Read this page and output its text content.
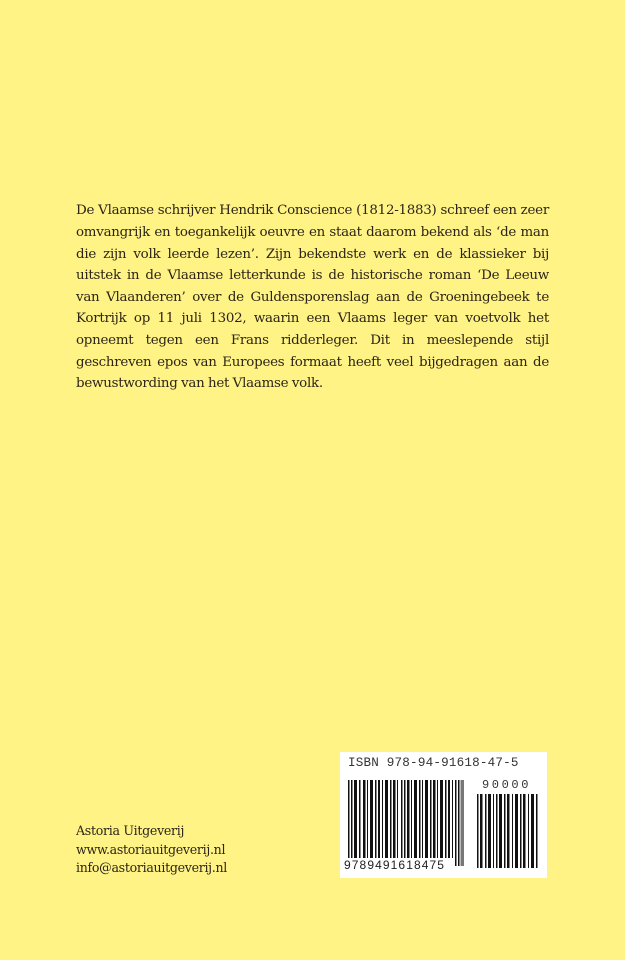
De Vlaamse schrijver Hendrik Conscience (1812-1883) schreef een zeer omvangrijk en toegankelijk oeuvre en staat daarom bekend als ‘de man die zijn volk leerde lezen’. Zijn bekendste werk en de klassieker bij uitstek in de Vlaamse letterkunde is de historische roman ‘De Leeuw van Vlaanderen’ over de Guldensporenslag aan de Groeningebeek te Kortrijk op 11 juli 1302, waarin een Vlaams leger van voetvolk het opneemt tegen een Frans ridderleger. Dit in meeslepende stijl geschreven epos van Europees formaat heeft veel bijgedragen aan de bewustwording van het Vlaamse volk.

Astoria Uitgeverij
www.astoriauitgeverij.nl
info@astoriauitgeverij.nl
ISBN 978-94-91618-47-5
90000
9789491618475
